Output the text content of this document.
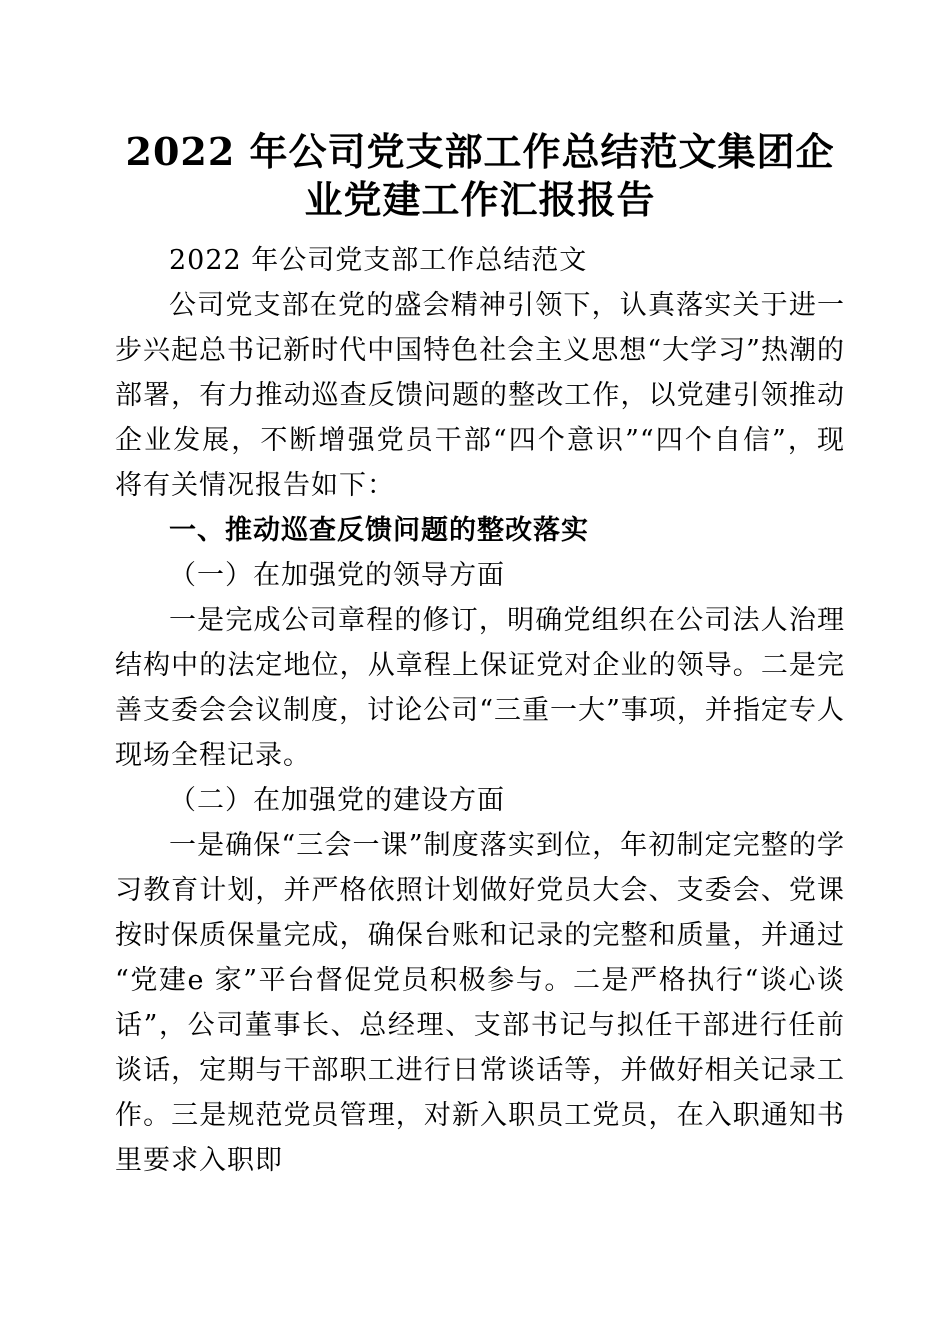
2022 年公司党支部工作总结范文集团企业党建工作汇报报告

2022 年公司党支部工作总结范文

公司党支部在党的盛会精神引领下，认真落实关于进一步兴起总书记新时代中国特色社会主义思想“大学习”热潮的部署，有力推动巡查反馈问题的整改工作，以党建引领推动企业发展，不断增强党员干部“四个意识”“四个自信”，现将有关情况报告如下：

一、推动巡查反馈问题的整改落实
（一）在加强党的领导方面

一是完成公司章程的修订，明确党组织在公司法人治理结构中的法定地位，从章程上保证党对企业的领导。二是完善支委会会议制度，讨论公司“三重一大”事项，并指定专人现场全程记录。

（二）在加强党的建设方面

一是确保“三会一课”制度落实到位，年初制定完整的学习教育计划，并严格依照计划做好党员大会、支委会、党课按时保质保量完成，确保台账和记录的完整和质量，并通过“党建e 家”平台督促党员积极参与。二是严格执行“谈心谈话”，公司董事长、总经理、支部书记与拟任干部进行任前谈话，定期与干部职工进行日常谈话等，并做好相关记录工作。三是规范党员管理，对新入职员工党员，在入职通知书里要求入职即
